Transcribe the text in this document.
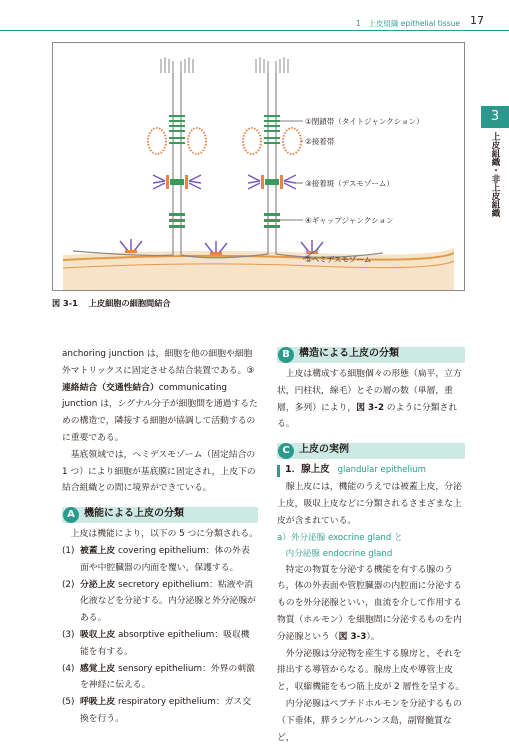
1　上皮組織 epithelial tissue 17
3
上皮組織・非上皮組織
①閉鎖帯（タイトジャンクション）
②接着帯
③接着斑（デスモゾーム）
④ギャップジャンクション
⑤ヘミデスモゾーム
図 3-1 上皮細胞の細胞間結合

anchoring junction は，細胞を他の細胞や細胞外マトリックスに固定させる結合装置である。③連絡結合（交通性結合）communicating junction は，シグナル分子が細胞間を通過するための構造で，隣接する細胞が協調して活動するのに重要である。

基底領域では，ヘミデスモゾーム（固定結合の 1 つ）により細胞が基底膜に固定され，上皮下の結合組織との間に境界ができている。

A 機能による上皮の分類

上皮は機能により，以下の 5 つに分類される。

(1) 被蓋上皮 covering epithelium：体の外表面や中腔臓器の内面を覆い，保護する。
(2) 分泌上皮 secretory epithelium：粘液や消化液などを分泌する。内分泌腺と外分泌腺がある。
(3) 吸収上皮 absorptive epithelium：吸収機能を有する。
(4) 感覚上皮 sensory epithelium：外界の刺激を神経に伝える。
(5) 呼吸上皮 respiratory epithelium：ガス交換を行う。
B 構造による上皮の分類

上皮は構成する細胞個々の形態（扁平，立方状，円柱状，線毛）とその層の数（単層，重層，多列）により，図 3-2 のように分類される。

C 上皮の実例
1．腺上皮 glandular epithelium

腺上皮には，機能のうえでは被蓋上皮，分泌上皮，吸収上皮などに分類されるさまざまな上皮が含まれている。

a）外分泌腺 exocrine gland と
内分泌腺 endocrine gland

特定の物質を分泌する機能を有する腺のうち，体の外表面や管腔臓器の内腔面に分泌するものを外分泌腺といい，血流を介して作用する物質（ホルモン）を細胞間に分泌するものを内分泌腺という（図 3-3）。

外分泌腺は分泌物を産生する腺房と，それを排出する導管からなる。腺房上皮や導管上皮と，収縮機能をもつ筋上皮が 2 層性を呈する。

内分泌腺はペプチドホルモンを分泌するもの（下垂体，膵ランゲルハンス島，副腎髄質など，
